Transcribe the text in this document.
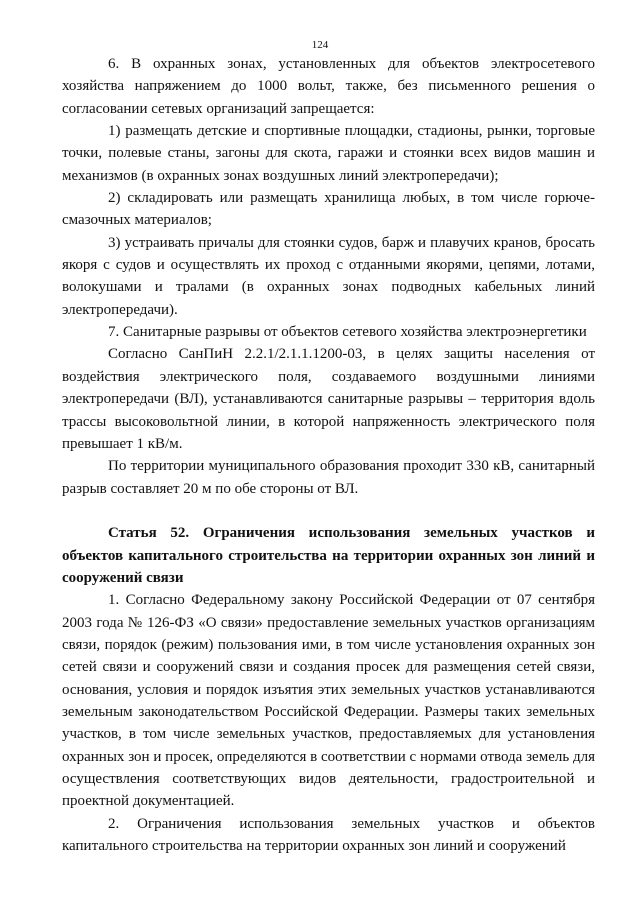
124

6. В охранных зонах, установленных для объектов электросетевого хозяйства напряжением до 1000 вольт, также, без письменного решения о согласовании сетевых организаций запрещается:

1) размещать детские и спортивные площадки, стадионы, рынки, торговые точки, полевые станы, загоны для скота, гаражи и стоянки всех видов машин и механизмов (в охранных зонах воздушных линий электропередачи);

2) складировать или размещать хранилища любых, в том числе горюче-смазочных материалов;

3) устраивать причалы для стоянки судов, барж и плавучих кранов, бросать якоря с судов и осуществлять их проход с отданными якорями, цепями, лотами, волокушами и тралами (в охранных зонах подводных кабельных линий электропередачи).

7. Санитарные разрывы от объектов сетевого хозяйства электроэнергетики

Согласно СанПиН 2.2.1/2.1.1.1200-03, в целях защиты населения от воздействия электрического поля, создаваемого воздушными линиями электропередачи (ВЛ), устанавливаются санитарные разрывы – территория вдоль трассы высоковольтной линии, в которой напряженность электрического поля превышает 1 кВ/м.

По территории муниципального образования проходит 330 кВ, санитарный разрыв составляет 20 м по обе стороны от ВЛ.

Статья 52. Ограничения использования земельных участков и объектов капитального строительства на территории охранных зон линий и сооружений связи

1. Согласно Федеральному закону Российской Федерации от 07 сентября 2003 года № 126-ФЗ «О связи» предоставление земельных участков организациям связи, порядок (режим) пользования ими, в том числе установления охранных зон сетей связи и сооружений связи и создания просек для размещения сетей связи, основания, условия и порядок изъятия этих земельных участков устанавливаются земельным законодательством Российской Федерации. Размеры таких земельных участков, в том числе земельных участков, предоставляемых для установления охранных зон и просек, определяются в соответствии с нормами отвода земель для осуществления соответствующих видов деятельности, градостроительной и проектной документацией.

2. Ограничения использования земельных участков и объектов капитального строительства на территории охранных зон линий и сооружений
